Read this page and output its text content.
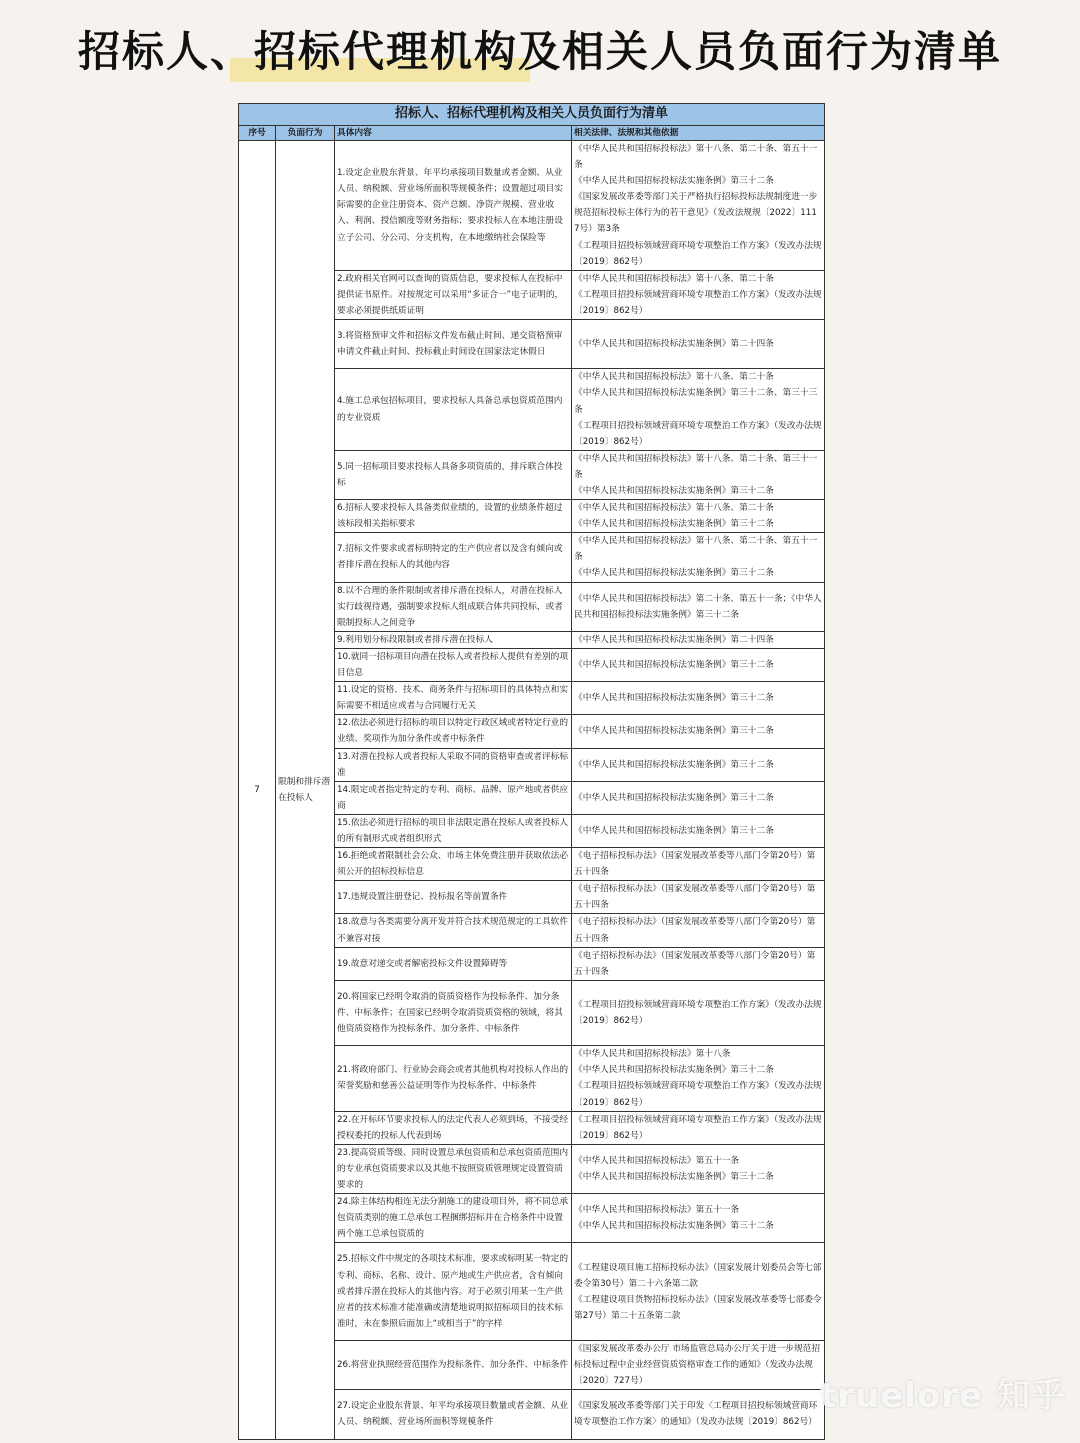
招标人、招标代理机构及相关人员负面行为清单
招标人、招标代理机构及相关人员负面行为清单			
序号	负面行为	具体内容	相关法律、法规和其他依据
7	限制和排斥潜在投标人	1.设定企业股东背景、年平均承接项目数量或者金额、从业人员、纳税额、营业场所面积等规模条件；设置超过项目实际需要的企业注册资本、资产总额、净资产规模、营业收入、利润、授信额度等财务指标；要求投标人在本地注册设立子公司、分公司、分支机构，在本地缴纳社会保险等	《中华人民共和国招标投标法》第十八条、第二十条、第五十一条
《中华人民共和国招标投标法实施条例》第三十二条
《国家发展改革委等部门关于严格执行招标投标法规制度进一步规范招标投标主体行为的若干意见》（发改法规规〔2022〕1117号）第3条
《工程项目招投标领域营商环境专项整治工作方案》（发改办法规〔2019〕862号）
		2.政府相关官网可以查询的资质信息，要求投标人在投标中提供证书原件。对按规定可以采用“多证合一”电子证明的，要求必须提供纸质证明	《中华人民共和国招标投标法》第十八条、第二十条
《工程项目招投标领域营商环境专项整治工作方案》（发改办法规〔2019〕862号）
		3.将资格预审文件和招标文件发布截止时间、递交资格预审申请文件截止时间、投标截止时间设在国家法定休假日	《中华人民共和国招标投标法实施条例》第二十四条
		4.施工总承包招标项目，要求投标人具备总承包资质范围内的专业资质	《中华人民共和国招标投标法》第十八条、第二十条
《中华人民共和国招标投标法实施条例》第三十二条、第三十三条
《工程项目招投标领域营商环境专项整治工作方案》（发改办法规〔2019〕862号）
		5.同一招标项目要求投标人具备多项资质的，排斥联合体投标	《中华人民共和国招标投标法》第十八条、第二十条、第三十一条
《中华人民共和国招标投标法实施条例》第三十二条
		6.招标人要求投标人具备类似业绩的，设置的业绩条件超过该标段相关指标要求	《中华人民共和国招标投标法》第十八条、第二十条
《中华人民共和国招标投标法实施条例》第三十二条
		7.招标文件要求或者标明特定的生产供应者以及含有倾向或者排斥潜在投标人的其他内容	《中华人民共和国招标投标法》第十八条、第二十条、第五十一条
《中华人民共和国招标投标法实施条例》第三十二条
		8.以不合理的条件限制或者排斥潜在投标人，对潜在投标人实行歧视待遇，强制要求投标人组成联合体共同投标，或者限制投标人之间竞争	《中华人民共和国招标投标法》第二十条、第五十一条；《中华人民共和国招标投标法实施条例》第三十二条
		9.利用划分标段限制或者排斥潜在投标人	《中华人民共和国招标投标法实施条例》第二十四条
		10.就同一招标项目向潜在投标人或者投标人提供有差别的项目信息	《中华人民共和国招标投标法实施条例》第三十二条
		11.设定的资格、技术、商务条件与招标项目的具体特点和实际需要不相适应或者与合同履行无关	《中华人民共和国招标投标法实施条例》第三十二条
		12.依法必须进行招标的项目以特定行政区域或者特定行业的业绩、奖项作为加分条件或者中标条件	《中华人民共和国招标投标法实施条例》第三十二条
		13.对潜在投标人或者投标人采取不同的资格审查或者评标标准	《中华人民共和国招标投标法实施条例》第三十二条
		14.限定或者指定特定的专利、商标、品牌、原产地或者供应商	《中华人民共和国招标投标法实施条例》第三十二条
		15.依法必须进行招标的项目非法限定潜在投标人或者投标人的所有制形式或者组织形式	《中华人民共和国招标投标法实施条例》第三十二条
		16.拒绝或者限制社会公众、市场主体免费注册并获取依法必须公开的招标投标信息	《电子招标投标办法》（国家发展改革委等八部门令第20号）第五十四条
		17.违规设置注册登记、投标报名等前置条件	《电子招标投标办法》（国家发展改革委等八部门令第20号）第五十四条
		18.故意与各类需要分离开发并符合技术规范规定的工具软件不兼容对接	《电子招标投标办法》（国家发展改革委等八部门令第20号）第五十四条
		19.故意对递交或者解密投标文件设置障碍等	《电子招标投标办法》（国家发展改革委等八部门令第20号）第五十四条
		20.将国家已经明令取消的资质资格作为投标条件、加分条件、中标条件；在国家已经明令取消资质资格的领域，将其他资质资格作为投标条件、加分条件、中标条件	《工程项目招投标领域营商环境专项整治工作方案》（发改办法规〔2019〕862号）
		21.将政府部门、行业协会商会或者其他机构对投标人作出的荣誉奖励和慈善公益证明等作为投标条件、中标条件	《中华人民共和国招标投标法》第十八条
《中华人民共和国招标投标法实施条例》第三十二条
《工程项目招投标领域营商环境专项整治工作方案》（发改办法规〔2019〕862号）
		22.在开标环节要求投标人的法定代表人必须到场，不接受经授权委托的投标人代表到场	《工程项目招投标领域营商环境专项整治工作方案》（发改办法规〔2019〕862号）
		23.提高资质等级、同时设置总承包资质和总承包资质范围内的专业承包资质要求以及其他不按照资质管理规定设置资质要求的	《中华人民共和国招标投标法》第五十一条
《中华人民共和国招标投标法实施条例》第三十二条
		24.除主体结构相连无法分割施工的建设项目外，将不同总承包资质类别的施工总承包工程捆绑招标并在合格条件中设置两个施工总承包资质的	《中华人民共和国招标投标法》第五十一条
《中华人民共和国招标投标法实施条例》第三十二条
		25.招标文件中规定的各项技术标准，要求或标明某一特定的专利、商标、名称、设计、原产地或生产供应者，含有倾向或者排斥潜在投标人的其他内容。对于必须引用某一生产供应者的技术标准才能准确或清楚地说明拟招标项目的技术标准时，未在参照后面加上“或相当于”的字样	《工程建设项目施工招标投标办法》（国家发展计划委员会等七部委令第30号）第二十六条第二款
《工程建设项目货物招标投标办法》（国家发展改革委等七部委令第27号）第二十五条第二款
		26.将营业执照经营范围作为投标条件、加分条件、中标条件	《国家发展改革委办公厅 市场监管总局办公厅关于进一步规范招标投标过程中企业经营资质资格审查工作的通知》（发改办法规〔2020〕727号）
		27.设定企业股东背景、年平均承接项目数量或者金额、从业人员、纳税额、营业场所面积等规模条件	《国家发展改革委等部门关于印发〈工程项目招投标领域营商环境专项整治工作方案〉的通知》（发改办法规〔2019〕862号）
truelore 知乎
